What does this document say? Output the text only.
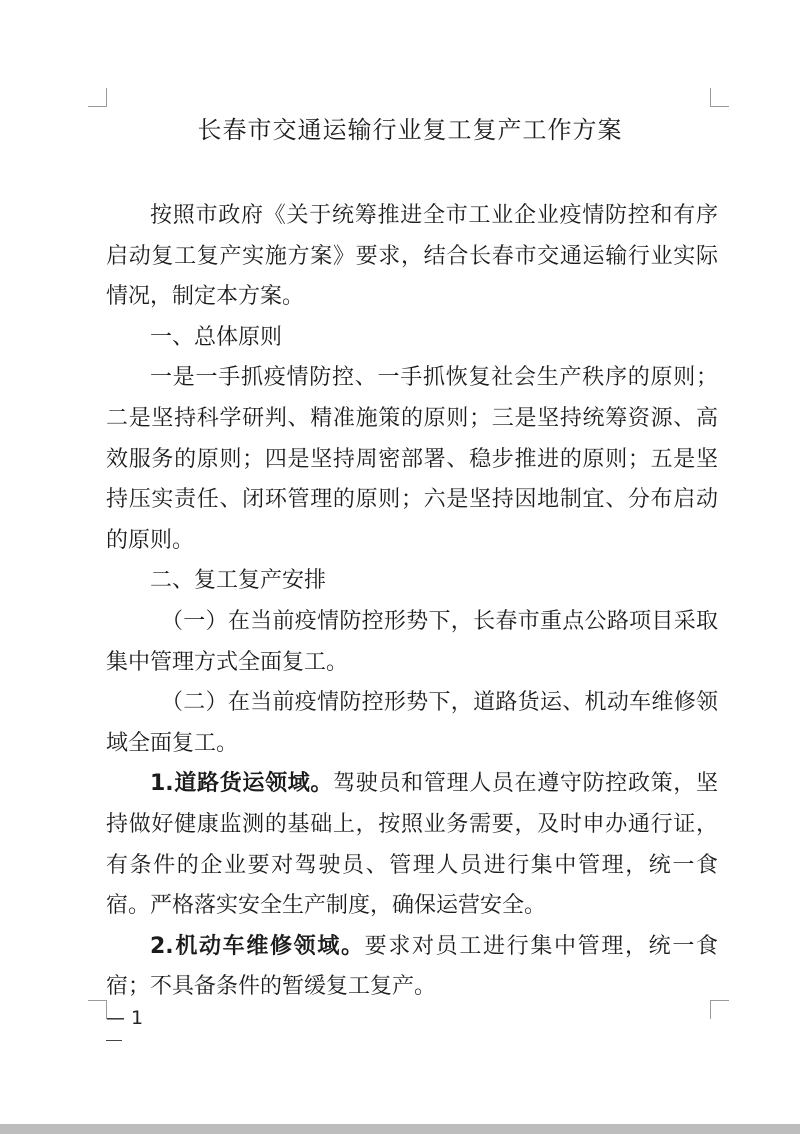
长春市交通运输行业复工复产工作方案

按照市政府《关于统筹推进全市工业企业疫情防控和有序启动复工复产实施方案》要求，结合长春市交通运输行业实际情况，制定本方案。

一、总体原则

一是一手抓疫情防控、一手抓恢复社会生产秩序的原则；二是坚持科学研判、精准施策的原则；三是坚持统筹资源、高效服务的原则；四是坚持周密部署、稳步推进的原则；五是坚持压实责任、闭环管理的原则；六是坚持因地制宜、分布启动的原则。

二、复工复产安排

（一）在当前疫情防控形势下，长春市重点公路项目采取集中管理方式全面复工。

（二）在当前疫情防控形势下，道路货运、机动车维修领域全面复工。

1.道路货运领域。驾驶员和管理人员在遵守防控政策，坚持做好健康监测的基础上，按照业务需要，及时申办通行证，有条件的企业要对驾驶员、管理人员进行集中管理，统一食宿。严格落实安全生产制度，确保运营安全。

2.机动车维修领域。要求对员工进行集中管理，统一食宿；不具备条件的暂缓复工复产。

— 1
